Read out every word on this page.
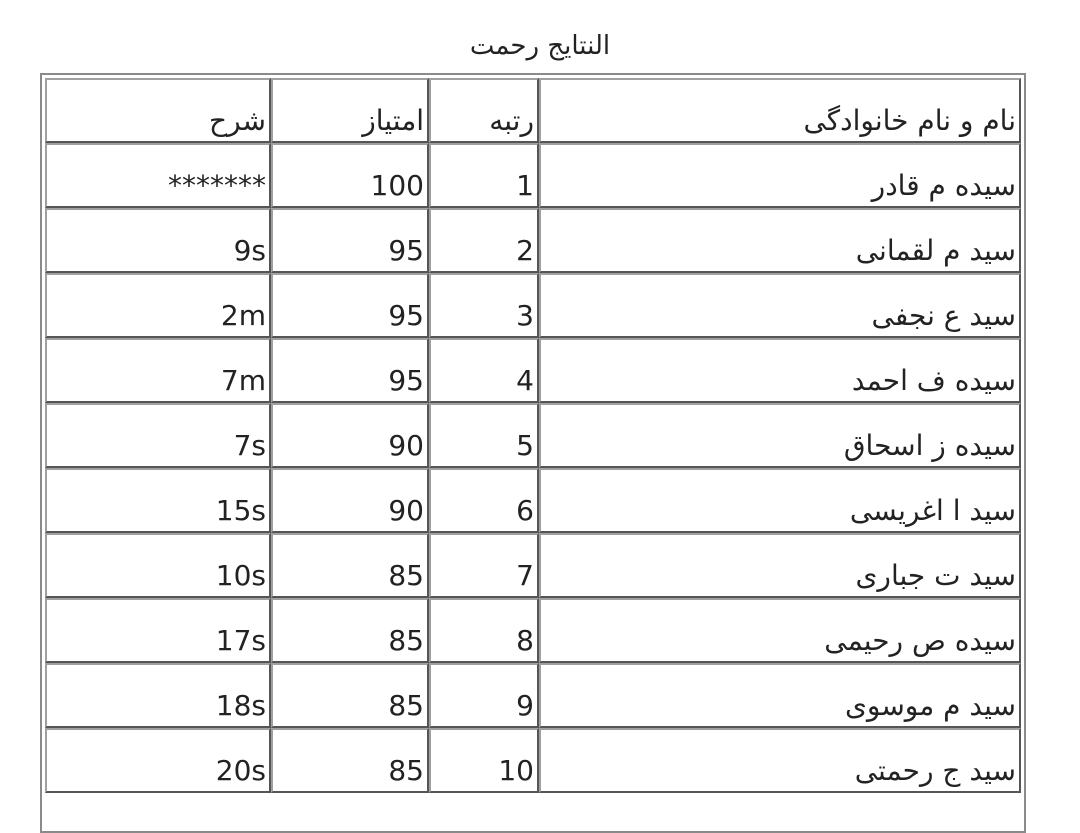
النتایج رحمت
شرح	امتیاز	رتبه	نام و نام خانوادگی
*******	100	1	سیده م قادر
9s	95	2	سید م لقمانی
2m	95	3	سید ع نجفی
7m	95	4	سیده ف احمد
7s	90	5	سیده ز اسحاق
15s	90	6	سید ا اغریسی
10s	85	7	سید ت جباری
17s	85	8	سیده ص رحیمی
18s	85	9	سید م موسوی
20s	85	10	سید ج رحمتی
